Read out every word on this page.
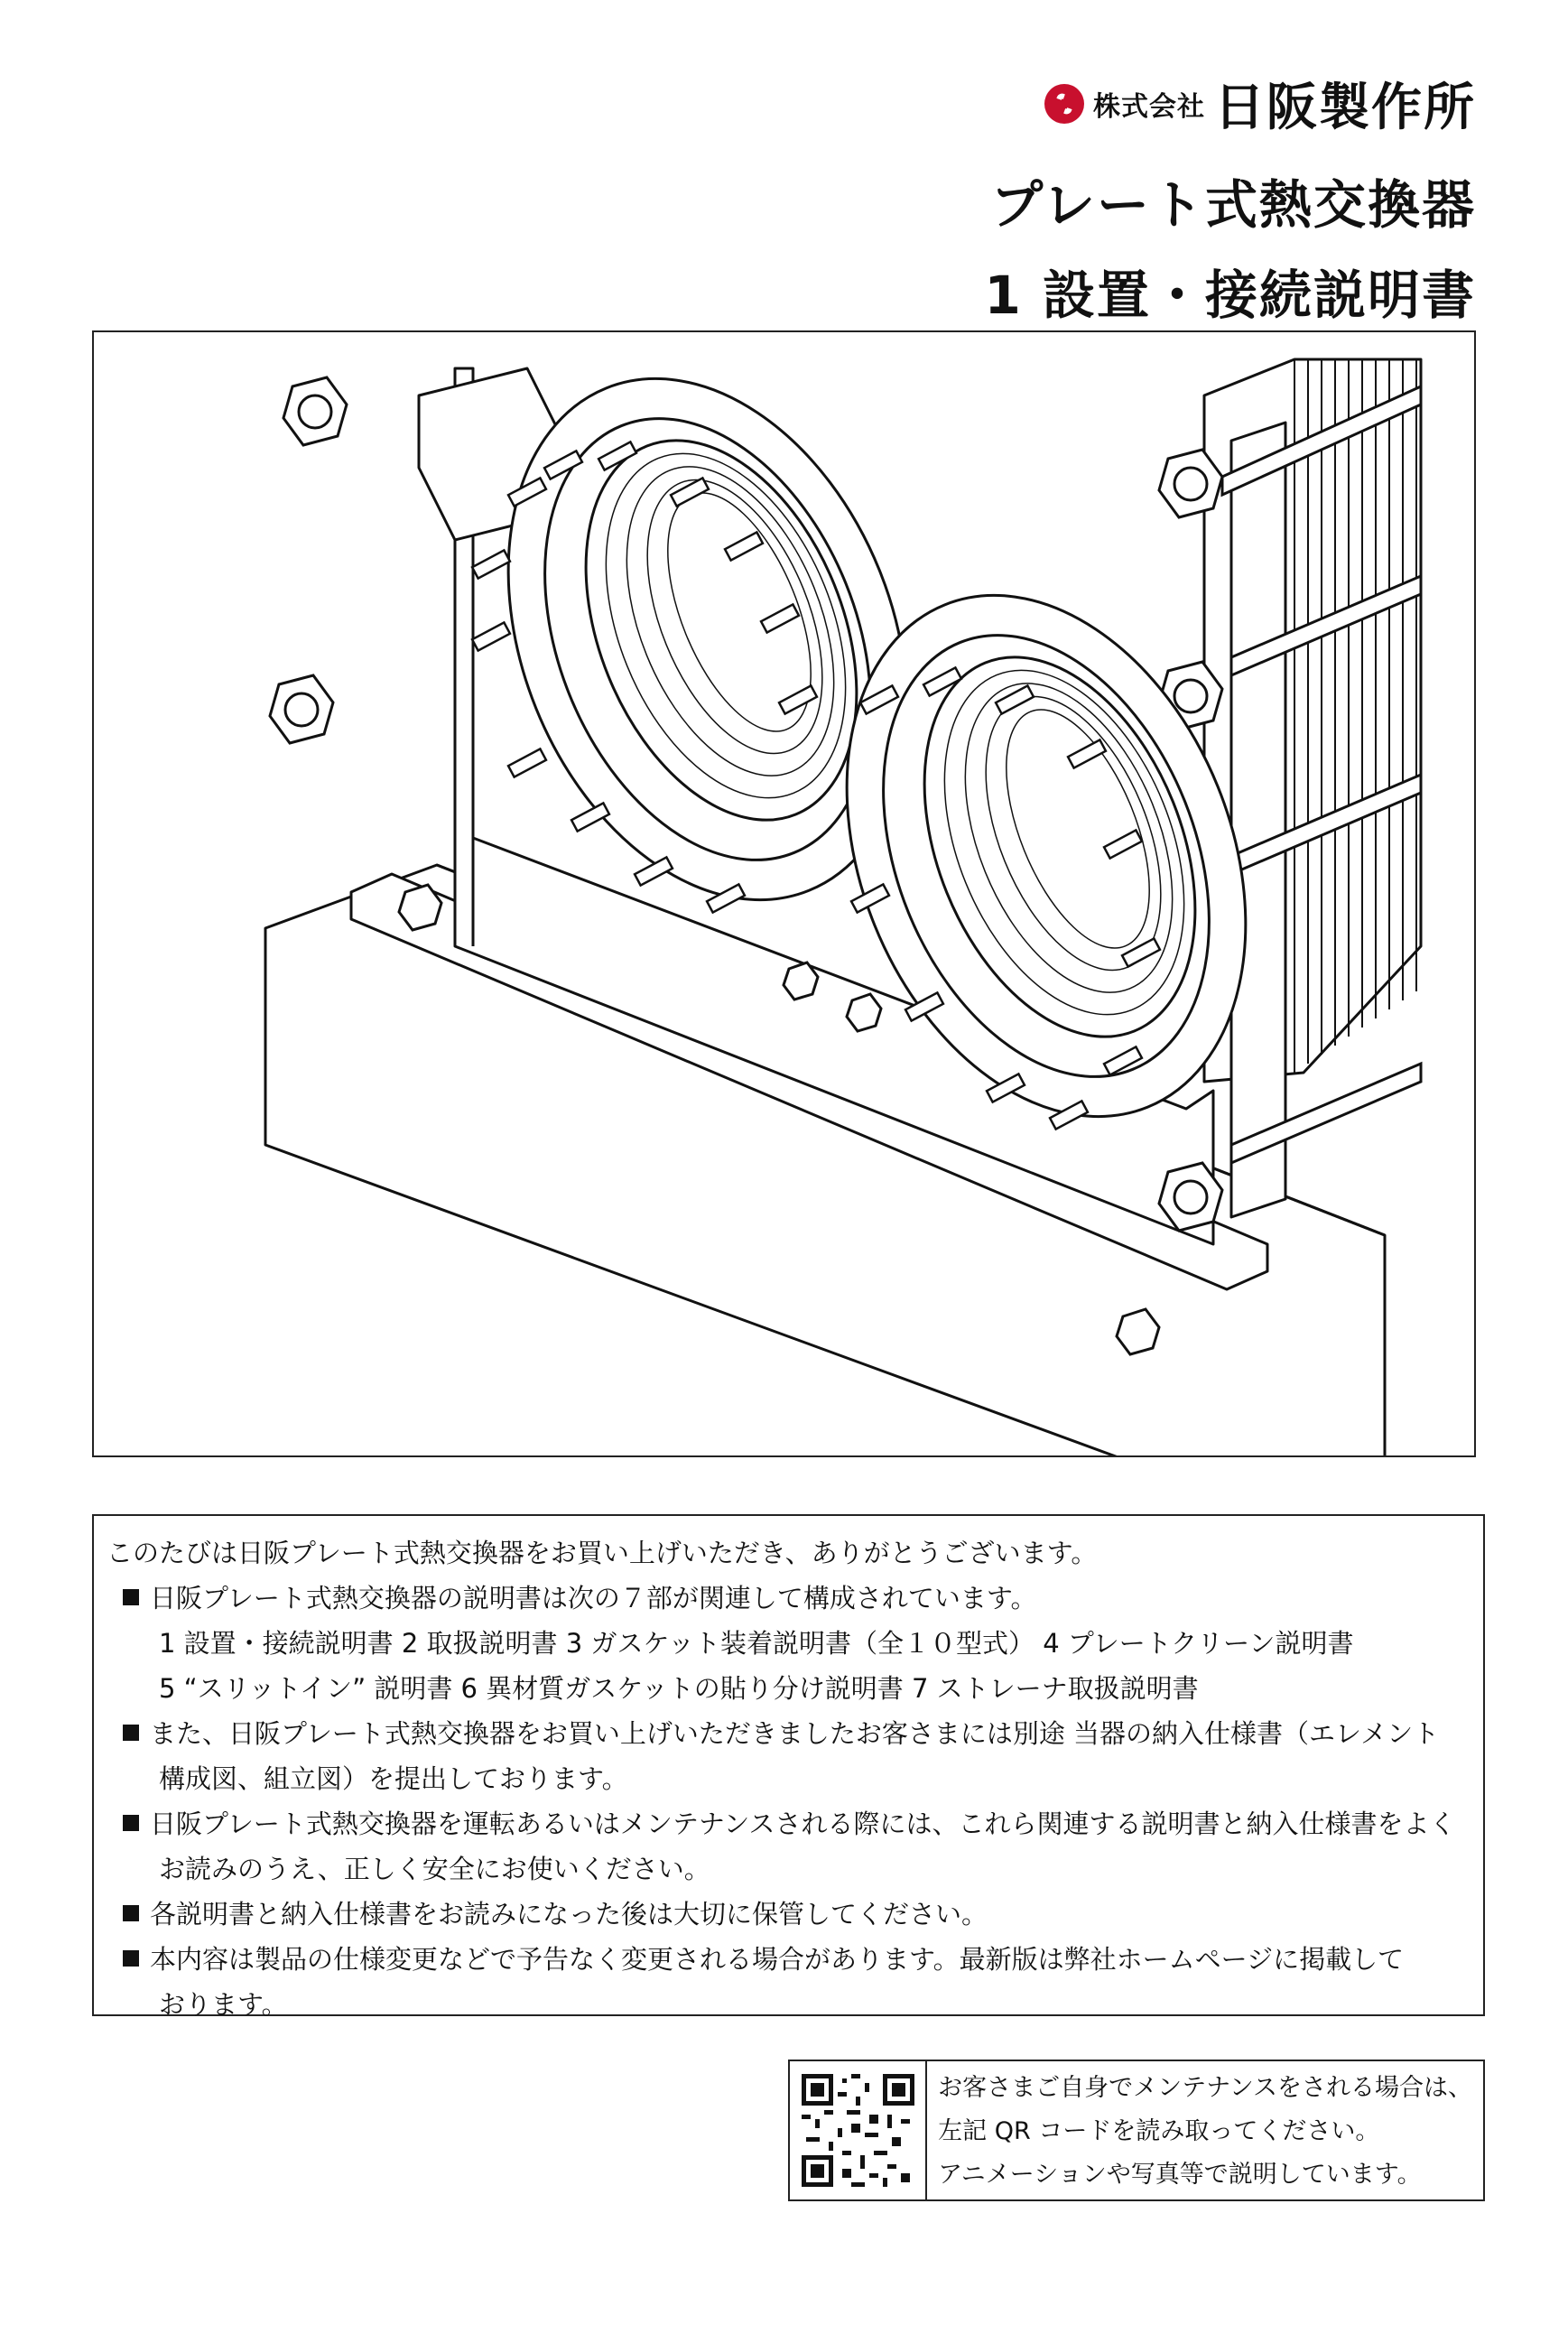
株式会社 日阪製作所
プレート式熱交換器
1 設置・接続説明書
このたびは日阪プレート式熱交換器をお買い上げいただき、ありがとうございます。
日阪プレート式熱交換器の説明書は次の７部が関連して構成されています。
1 設置・接続説明書 2 取扱説明書 3 ガスケット装着説明書（全１０型式） 4 プレートクリーン説明書
5 “スリットイン” 説明書 6 異材質ガスケットの貼り分け説明書 7 ストレーナ取扱説明書
また、日阪プレート式熱交換器をお買い上げいただきましたお客さまには別途 当器の納入仕様書（エレメント
構成図、組立図）を提出しております。
日阪プレート式熱交換器を運転あるいはメンテナンスされる際には、これら関連する説明書と納入仕様書をよく
お読みのうえ、正しく安全にお使いください。
各説明書と納入仕様書をお読みになった後は大切に保管してください。
本内容は製品の仕様変更などで予告なく変更される場合があります。最新版は弊社ホームページに掲載して
おります。
お客さまご自身でメンテナンスをされる場合は、
左記 QR コードを読み取ってください。
アニメーションや写真等で説明しています。
